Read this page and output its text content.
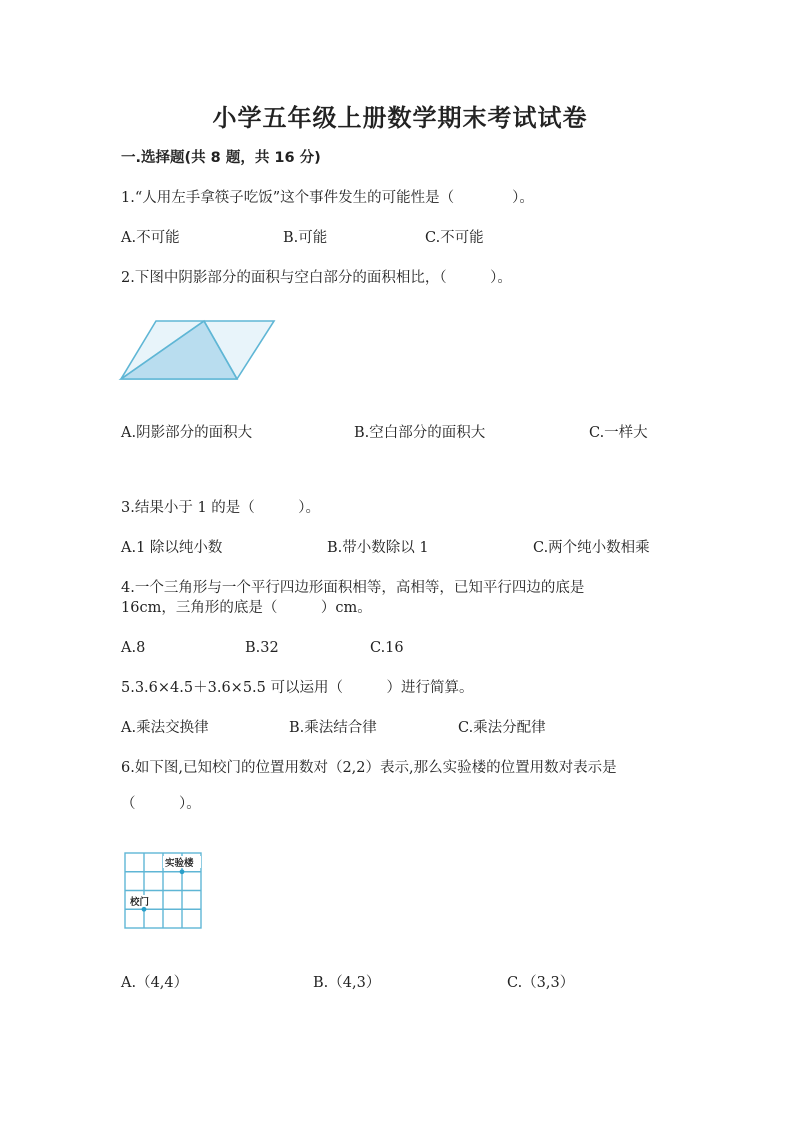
小学五年级上册数学期末考试试卷
一.选择题(共 8 题，共 16 分)
1.“人用左手拿筷子吃饭”这个事件发生的可能性是（　　　　）。
A.不可能	B.可能	C.不可能
2.下图中阴影部分的面积与空白部分的面积相比，（　　　）。
A.阴影部分的面积大	B.空白部分的面积大	C.一样大
3.结果小于 1 的是（　　　）。
A.1 除以纯小数	B.带小数除以 1	C.两个纯小数相乘
4.一个三角形与一个平行四边形面积相等，高相等，已知平行四边的底是
16cm，三角形的底是（　　　）cm。
A.8	B.32	C.16
5.3.6×4.5＋3.6×5.5 可以运用（　　　）进行简算。
A.乘法交换律	B.乘法结合律	C.乘法分配律
6.如下图,已知校门的位置用数对（2,2）表示,那么实验楼的位置用数对表示是
（　　　）。
实验楼
校门
A.（4,4）	B.（4,3）	C.（3,3）
